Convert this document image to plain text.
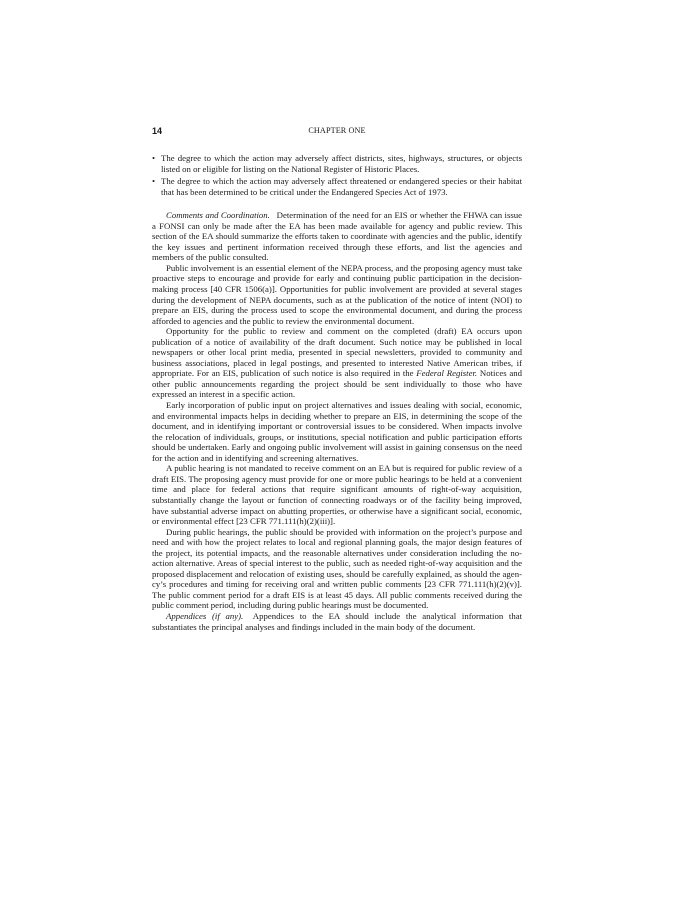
14	CHAPTER ONE
• The degree to which the action may adversely affect districts, sites, highways, structures, or objects listed on or eligible for listing on the National Register of Historic Places.
• The degree to which the action may adversely affect threatened or endangered species or their habitat that has been determined to be critical under the Endangered Species Act of 1973.

Comments and Coordination.  Determination of the need for an EIS or whether the FHWA can issue a FONSI can only be made after the EA has been made available for agency and public review. This section of the EA should summarize the efforts taken to coordinate with agencies and the public, identify the key issues and pertinent information received through these efforts, and list the agencies and members of the public consulted.

Public involvement is an essential element of the NEPA process, and the proposing agency must take proactive steps to encourage and provide for early and continuing public participation in the decision-making process [40 CFR 1506(a)]. Opportunities for public involvement are provided at several stages during the development of NEPA documents, such as at the publication of the notice of intent (NOI) to prepare an EIS, during the process used to scope the environmental document, and during the process afforded to agencies and the public to review the environmental document.

Opportunity for the public to review and comment on the completed (draft) EA occurs upon publication of a notice of availability of the draft document. Such notice may be published in local newspapers or other local print media, presented in special newsletters, provided to community and business associations, placed in legal postings, and presented to interested Native American tribes, if appropriate. For an EIS, publication of such notice is also required in the Federal Register. Notices and other public announcements regarding the project should be sent individually to those who have expressed an interest in a specific action.

Early incorporation of public input on project alternatives and issues dealing with social, economic, and environmental impacts helps in deciding whether to prepare an EIS, in determining the scope of the document, and in identifying important or controversial issues to be considered. When impacts involve the relocation of individuals, groups, or institutions, special notification and public participation efforts should be undertaken. Early and ongoing public involvement will assist in gaining consensus on the need for the action and in identifying and screening alternatives.

A public hearing is not mandated to receive comment on an EA but is required for public review of a draft EIS. The proposing agency must provide for one or more public hearings to be held at a convenient time and place for federal actions that require significant amounts of right-of-way acquisition, substantially change the layout or function of connecting roadways or of the facility being improved, have substantial adverse impact on abutting properties, or otherwise have a significant social, economic, or environmental effect [23 CFR 771.111(h)(2)(iii)].

During public hearings, the public should be provided with information on the project’s purpose and need and with how the project relates to local and regional planning goals, the major design features of the project, its potential impacts, and the reasonable alternatives under consideration including the no-action alternative. Areas of special interest to the public, such as needed right-of-way acquisition and the proposed displacement and relocation of existing uses, should be carefully explained, as should the agency’s procedures and timing for receiving oral and written public comments [23 CFR 771.111(h)(2)(v)]. The public comment period for a draft EIS is at least 45 days. All public comments received during the public comment period, including during public hearings must be documented.

Appendices (if any).  Appendices to the EA should include the analytical information that substantiates the principal analyses and findings included in the main body of the document.
